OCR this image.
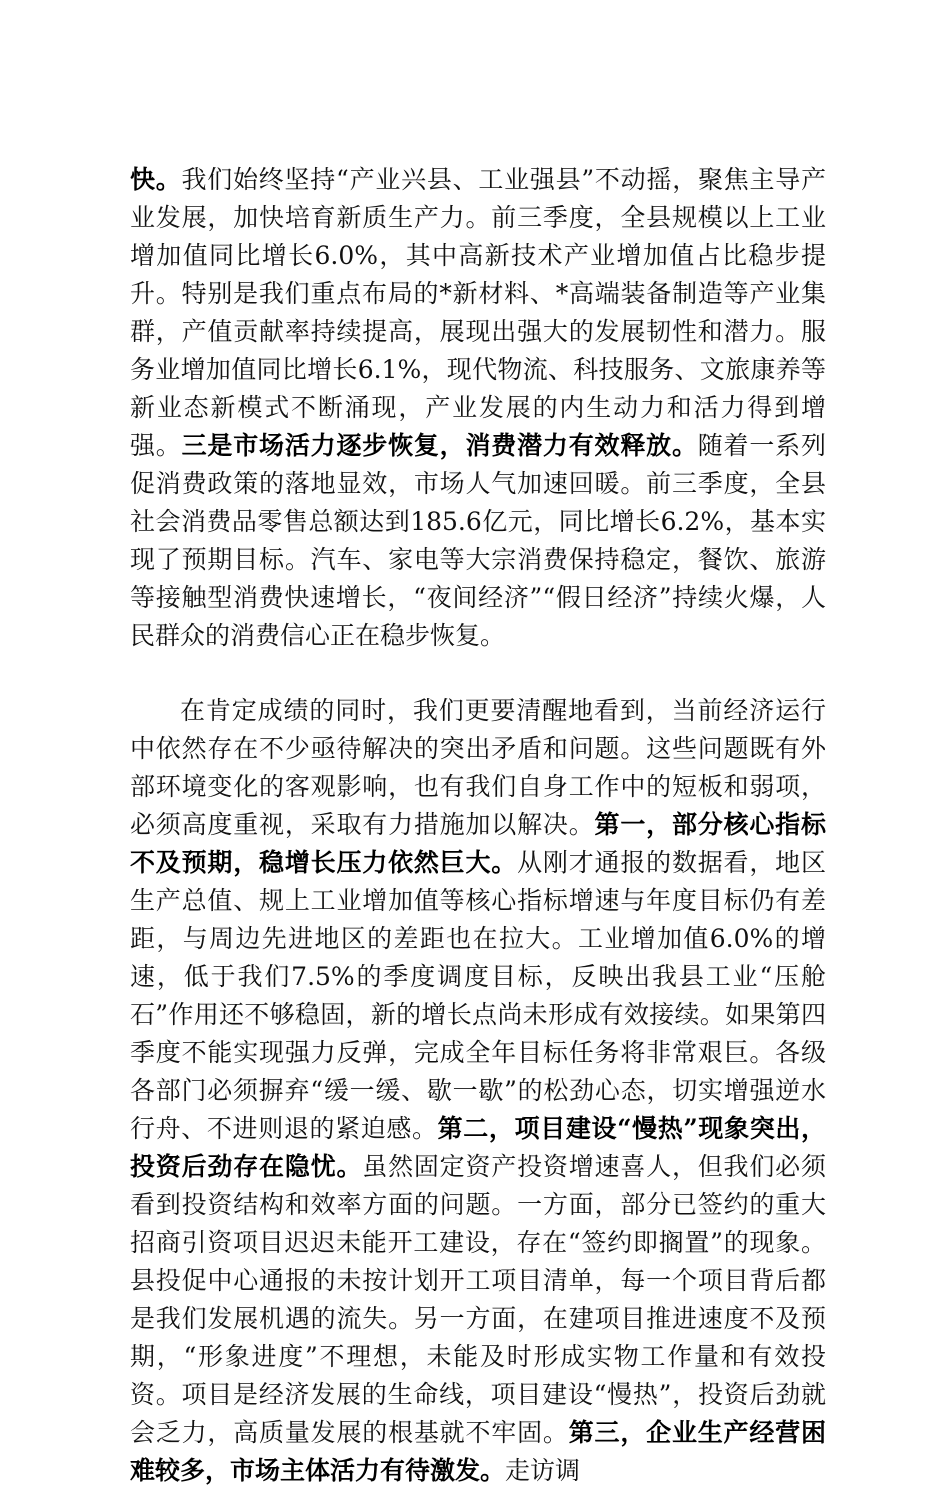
快。我们始终坚持“产业兴县、工业强县”不动摇，聚焦主导产业发展，加快培育新质生产力。前三季度，全县规模以上工业增加值同比增长6.0%，其中高新技术产业增加值占比稳步提升。特别是我们重点布局的*新材料、*高端装备制造等产业集群，产值贡献率持续提高，展现出强大的发展韧性和潜力。服务业增加值同比增长6.1%，现代物流、科技服务、文旅康养等新业态新模式不断涌现，产业发展的内生动力和活力得到增强。三是市场活力逐步恢复，消费潜力有效释放。随着一系列促消费政策的落地显效，市场人气加速回暖。前三季度，全县社会消费品零售总额达到185.6亿元，同比增长6.2%，基本实现了预期目标。汽车、家电等大宗消费保持稳定，餐饮、旅游等接触型消费快速增长，“夜间经济”“假日经济”持续火爆，人民群众的消费信心正在稳步恢复。

在肯定成绩的同时，我们更要清醒地看到，当前经济运行中依然存在不少亟待解决的突出矛盾和问题。这些问题既有外部环境变化的客观影响，也有我们自身工作中的短板和弱项，必须高度重视，采取有力措施加以解决。第一，部分核心指标不及预期，稳增长压力依然巨大。从刚才通报的数据看，地区生产总值、规上工业增加值等核心指标增速与年度目标仍有差距，与周边先进地区的差距也在拉大。工业增加值6.0%的增速，低于我们7.5%的季度调度目标，反映出我县工业“压舱石”作用还不够稳固，新的增长点尚未形成有效接续。如果第四季度不能实现强力反弹，完成全年目标任务将非常艰巨。各级各部门必须摒弃“缓一缓、歇一歇”的松劲心态，切实增强逆水行舟、不进则退的紧迫感。第二，项目建设“慢热”现象突出，投资后劲存在隐忧。虽然固定资产投资增速喜人，但我们必须看到投资结构和效率方面的问题。一方面，部分已签约的重大招商引资项目迟迟未能开工建设，存在“签约即搁置”的现象。县投促中心通报的未按计划开工项目清单，每一个项目背后都是我们发展机遇的流失。另一方面，在建项目推进速度不及预期，“形象进度”不理想，未能及时形成实物工作量和有效投资。项目是经济发展的生命线，项目建设“慢热”，投资后劲就会乏力，高质量发展的根基就不牢固。第三，企业生产经营困难较多，市场主体活力有待激发。走访调
